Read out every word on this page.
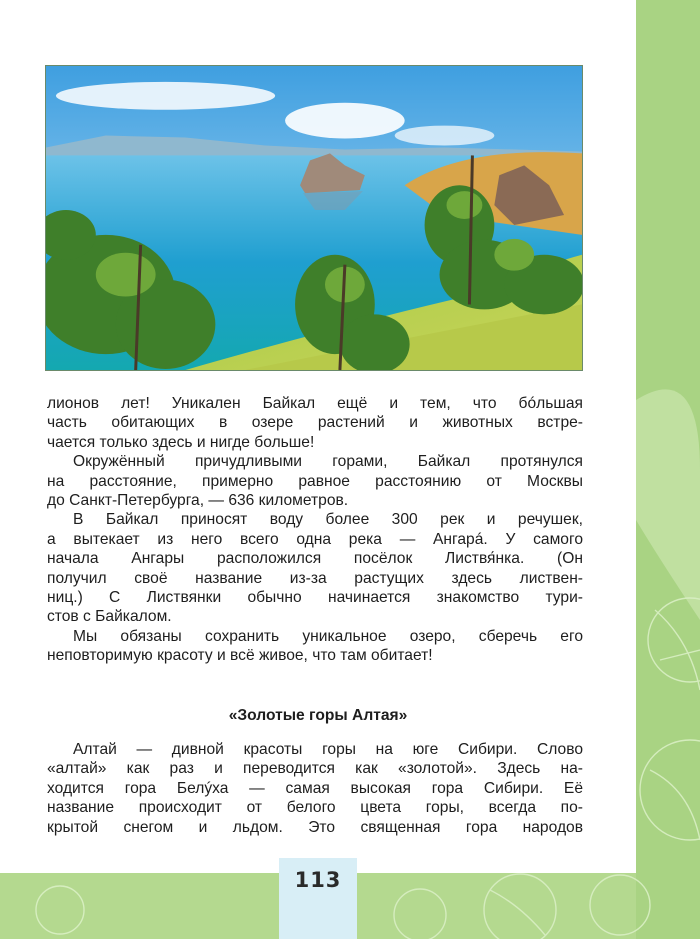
лионов лет! Уникален Байкал ещё и тем, что бóльшая
часть обитающих в озере растений и животных встре-
чается только здесь и нигде больше!
Окружённый причудливыми горами, Байкал протянулся
на расстояние, примерно равное расстоянию от Москвы
до Санкт-Петербурга, — 636 километров.
В Байкал приносят воду более 300 рек и речушек,
а вытекает из него всего одна река — Ангарá. У самого
начала Ангары расположился посёлок Листвя́нка. (Он
получил своё название из-за растущих здесь листвен-
ниц.) С Листвянки обычно начинается знакомство тури-
стов с Байкалом.
Мы обязаны сохранить уникальное озеро, сберечь его
неповторимую красоту и всё живое, что там обитает!
«Золотые горы Алтая»
Алтай — дивной красоты горы на юге Сибири. Слово
«алтай» как раз и переводится как «золотой». Здесь на-
ходится гора Белýха — самая высокая гора Сибири. Её
название происходит от белого цвета горы, всегда по-
крытой снегом и льдом. Это священная гора народов
113
